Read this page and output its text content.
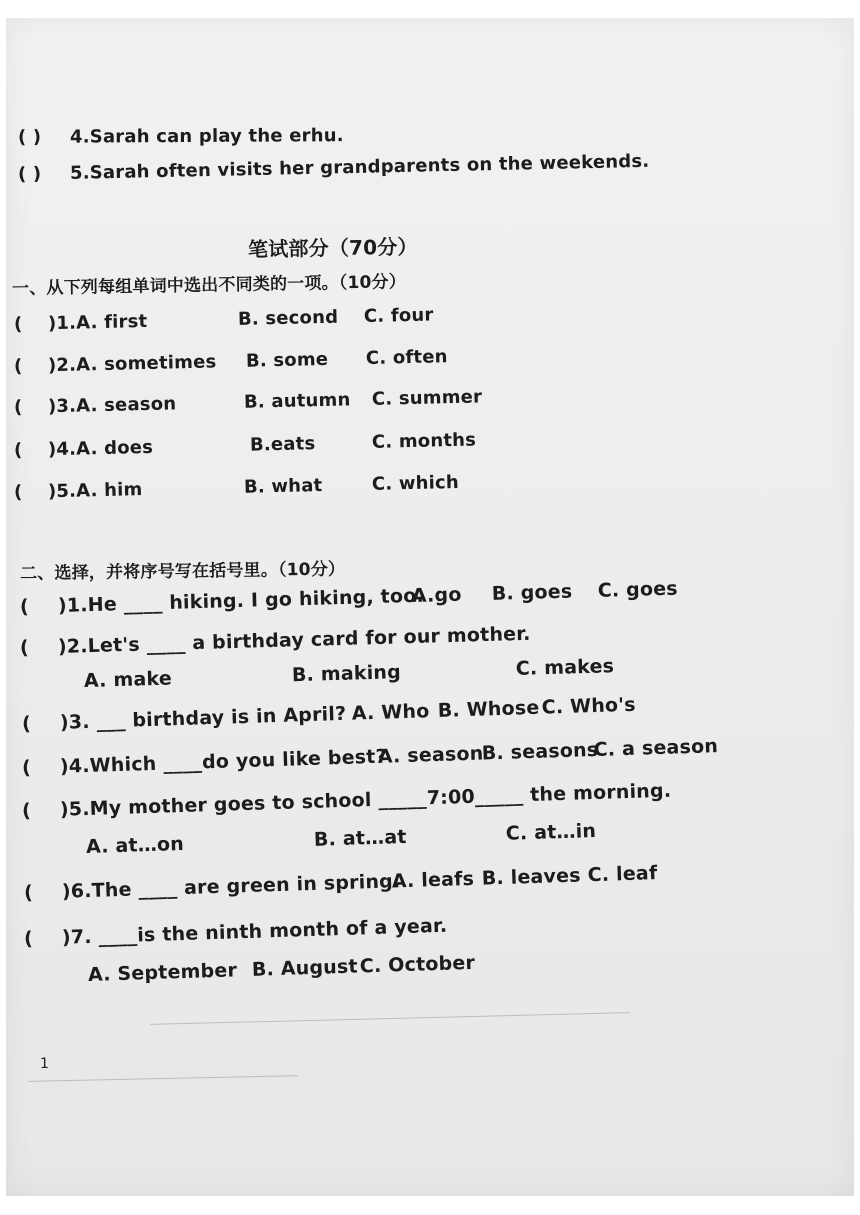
( ) 4.Sarah can play the erhu.
( ) 5.Sarah often visits her grandparents on the weekends.
笔试部分（70分）
一、从下列每组单词中选出不同类的一项。（10分）
( )1.A. first	B. second C. four
( )2.A. sometimes B. some C. often
( )3.A. season	B. autumn C. summer
( )4.A. does	B.eats	C. months
( )5.A. him	B. what	C. which
二、选择，并将序号写在括号里。（10分）
( )1.He ____ hiking. I go hiking, too.A.go B. goes C. goes
( )2.Let's ____ a birthday card for our mother.
A. make	B. making	C. makes
( )3. ___ birthday is in April? A. Who B. WhoseC. Who's
( )4.Which ____do you like best?A. seasonB. seasonsC. a season
( )5.My mother goes to school _____7:00_____ the morning.
A. at…on	B. at…at	C. at…in
( )6.The ____ are green in spring.A. leafs B. leaves C. leaf
( )7. ____is the ninth month of a year.
A. September B. AugustC. October
1
